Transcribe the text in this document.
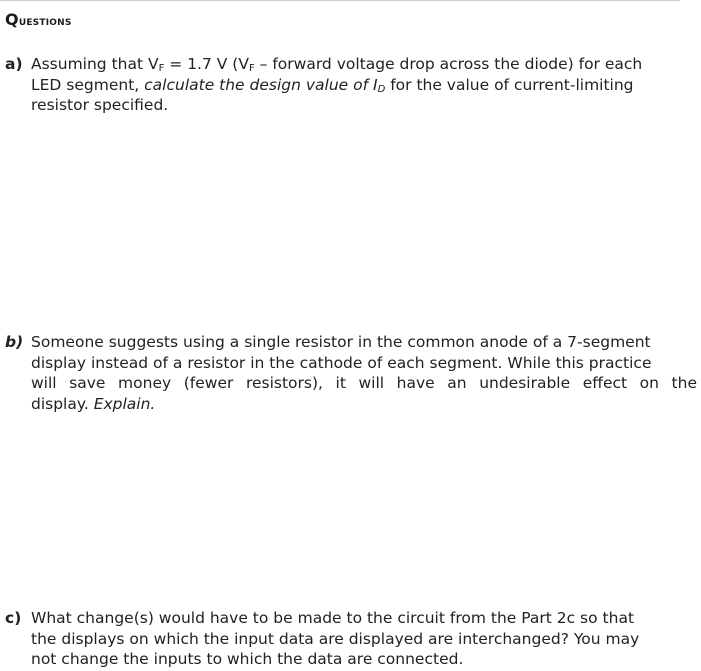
Questions
a) Assuming that $V_F = 1.7$ V ($V_F$ – forward voltage drop across the diode) for each
LED segment, calculate the design value of $I_D$ for the value of current-limiting
resistor specified.
b) Someone suggests using a single resistor in the common anode of a 7-segment
display instead of a resistor in the cathode of each segment. While this practice
will save money (fewer resistors), it will have an undesirable effect on the
display. Explain.
c) What change(s) would have to be made to the circuit from the Part 2c so that
the displays on which the input data are displayed are interchanged? You may
not change the inputs to which the data are connected.
